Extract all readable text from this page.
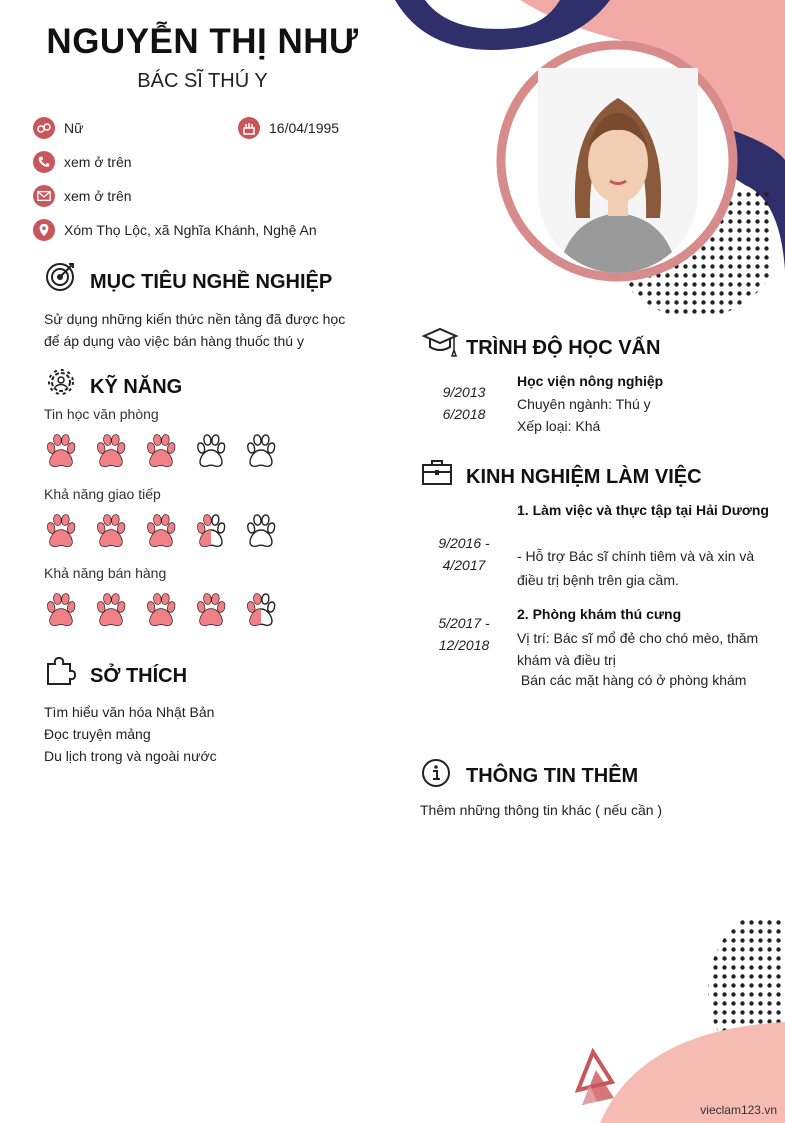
NGUYỄN THỊ NHƯ
BÁC SĨ THÚ Y
Nữ	16/04/1995
xem ở trên
xem ở trên
Xóm Thọ Lộc, xã Nghĩa Khánh, Nghệ An
MỤC TIÊU NGHỀ NGHIỆP
Sử dụng những kiến thức nền tảng đã được học
để áp dụng vào việc bán hàng thuốc thú y
KỸ NĂNG
Tin học văn phòng
Khả năng giao tiếp
Khả năng bán hàng
SỞ THÍCH
Tìm hiểu văn hóa Nhật Bản
Đọc truyện mảng
Du lịch trong và ngoài nước
TRÌNH ĐỘ HỌC VẤN
9/2013
6/2018
Học viện nông nghiệp
Chuyên ngành: Thú y
Xếp loại: Khá
KINH NGHIỆM LÀM VIỆC
1. Làm việc và thực tập tại Hải Dương
9/2016 -
4/2017
- Hỗ trợ Bác sĩ chính tiêm và và xin và
điều trị bệnh trên gia cầm.
2. Phòng khám thú cưng
5/2017 -
12/2018	Vị trí: Bác sĩ mổ đẻ cho chó mèo, thăm
khám và điều trị
Bán các mặt hàng có ở phòng khám
THÔNG TIN THÊM
Thêm những thông tin khác ( nếu cần )
vieclam123.vn
